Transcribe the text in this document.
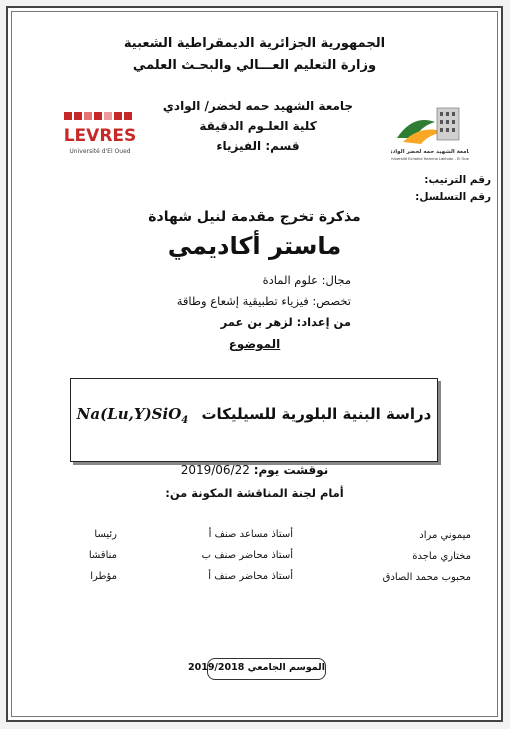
الجمهورية الجزائرية الديمقراطية الشعبية
وزارة التعليم العـــالي والبحـث العلمي
جامعة الشهيد حمه لخضر/ الوادي
كلية العلـوم الدقيقة
قسم: الفيزياء
LEVRES
Université d'El Oued	جامعة الشهيد حمه لخضر الوادي
Université Echahid Hamma Lakhdar - El Oued
رقم الترتيب:
رقم التسلسل:
مذكرة تخرج مقدمة لنيل شهادة
ماستر أكاديمي
مجال: علوم المادة
تخصص: فيزياء تطبيقية إشعاع وطاقة
من إعداد: لزهر بن عمر
الموضوع
Na(Lu,Y)SiO$_4$ دراسة البنية البلورية للسيليكات
2019/06/22 نوقشت يوم:
أمام لجنة المناقشة المكونة من:
ميموني مراد
أستاذ مساعد صنف أ
رئيسا
مختاري ماجدة
أستاذ محاضر صنف ب
مناقشا
محبوب محمد الصادق
أستاذ محاضر صنف أ
مؤطرا
الموسم الجامعي 2019/2018
